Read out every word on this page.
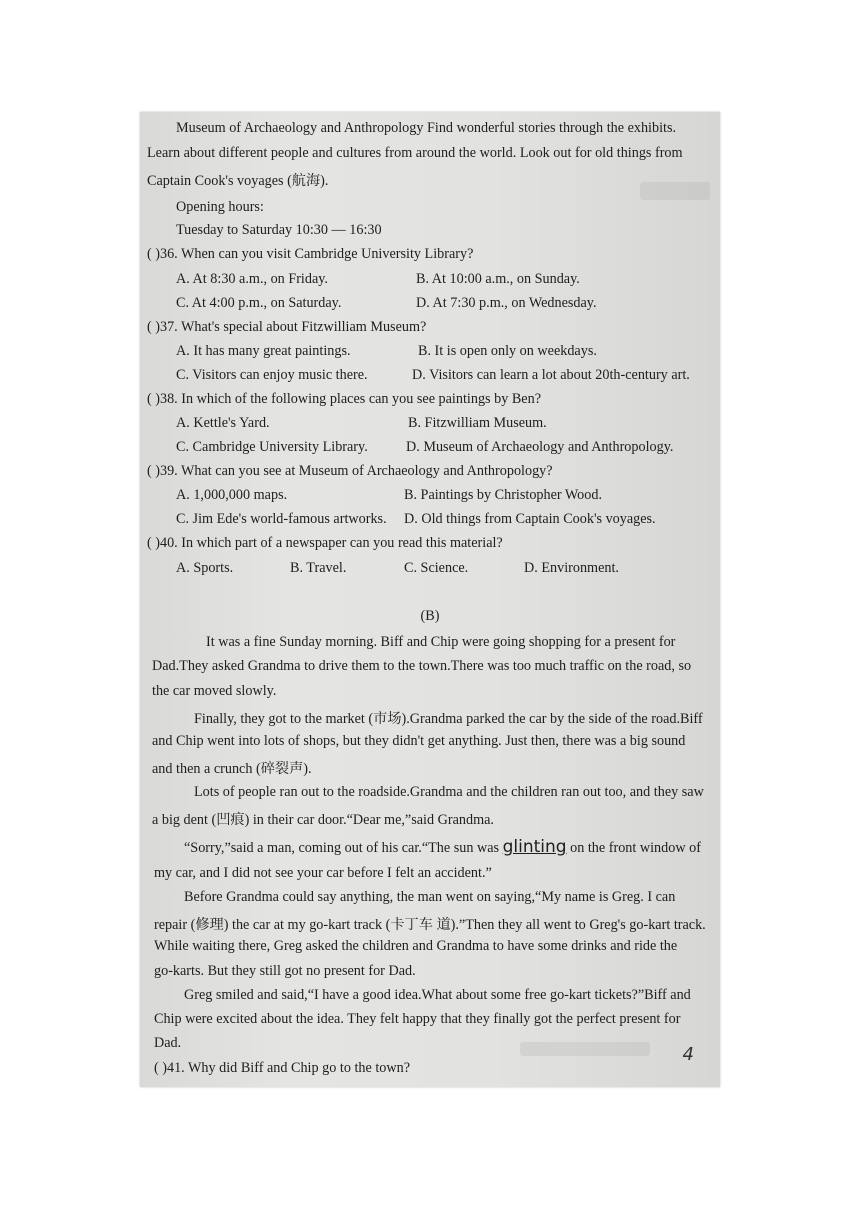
Museum of Archaeology and Anthropology Find wonderful stories through the exhibits.
Learn about different people and cultures from around the world. Look out for old things from
Captain Cook's voyages (航海).
Opening hours:
Tuesday to Saturday 10:30 — 16:30
( )36. When can you visit Cambridge University Library?
A. At 8:30 a.m., on Friday.	B. At 10:00 a.m., on Sunday.
C. At 4:00 p.m., on Saturday.	D. At 7:30 p.m., on Wednesday.
( )37. What's special about Fitzwilliam Museum?
A. It has many great paintings.	B. It is open only on weekdays.
C. Visitors can enjoy music there.	D. Visitors can learn a lot about 20th-century art.
( )38. In which of the following places can you see paintings by Ben?
A. Kettle's Yard.	B. Fitzwilliam Museum.
C. Cambridge University Library.	D. Museum of Archaeology and Anthropology.
( )39. What can you see at Museum of Archaeology and Anthropology?
A. 1,000,000 maps.	B. Paintings by Christopher Wood.
C. Jim Ede's world-famous artworks. D. Old things from Captain Cook's voyages.
( )40. In which part of a newspaper can you read this material?
A. Sports.	B. Travel.	C. Science.	D. Environment.
(B)
It was a fine Sunday morning. Biff and Chip were going shopping for a present for
Dad.They asked Grandma to drive them to the town.There was too much traffic on the road, so
the car moved slowly.
Finally, they got to the market (市场).Grandma parked the car by the side of the road.Biff
and Chip went into lots of shops, but they didn't get anything. Just then, there was a big sound
and then a crunch (碎裂声).
Lots of people ran out to the roadside.Grandma and the children ran out too, and they saw
a big dent (凹痕) in their car door.“Dear me,”said Grandma.
“Sorry,”said a man, coming out of his car.“The sun was glinting on the front window of
my car, and I did not see your car before I felt an accident.”
Before Grandma could say anything, the man went on saying,“My name is Greg. I can
repair (修理) the car at my go-kart track (卡丁车 道).”Then they all went to Greg's go-kart track.
While waiting there, Greg asked the children and Grandma to have some drinks and ride the
go-karts. But they still got no present for Dad.
Greg smiled and said,“I have a good idea.What about some free go-kart tickets?”Biff and
Chip were excited about the idea. They felt happy that they finally got the perfect present for
Dad.
( )41. Why did Biff and Chip go to the town?
4
